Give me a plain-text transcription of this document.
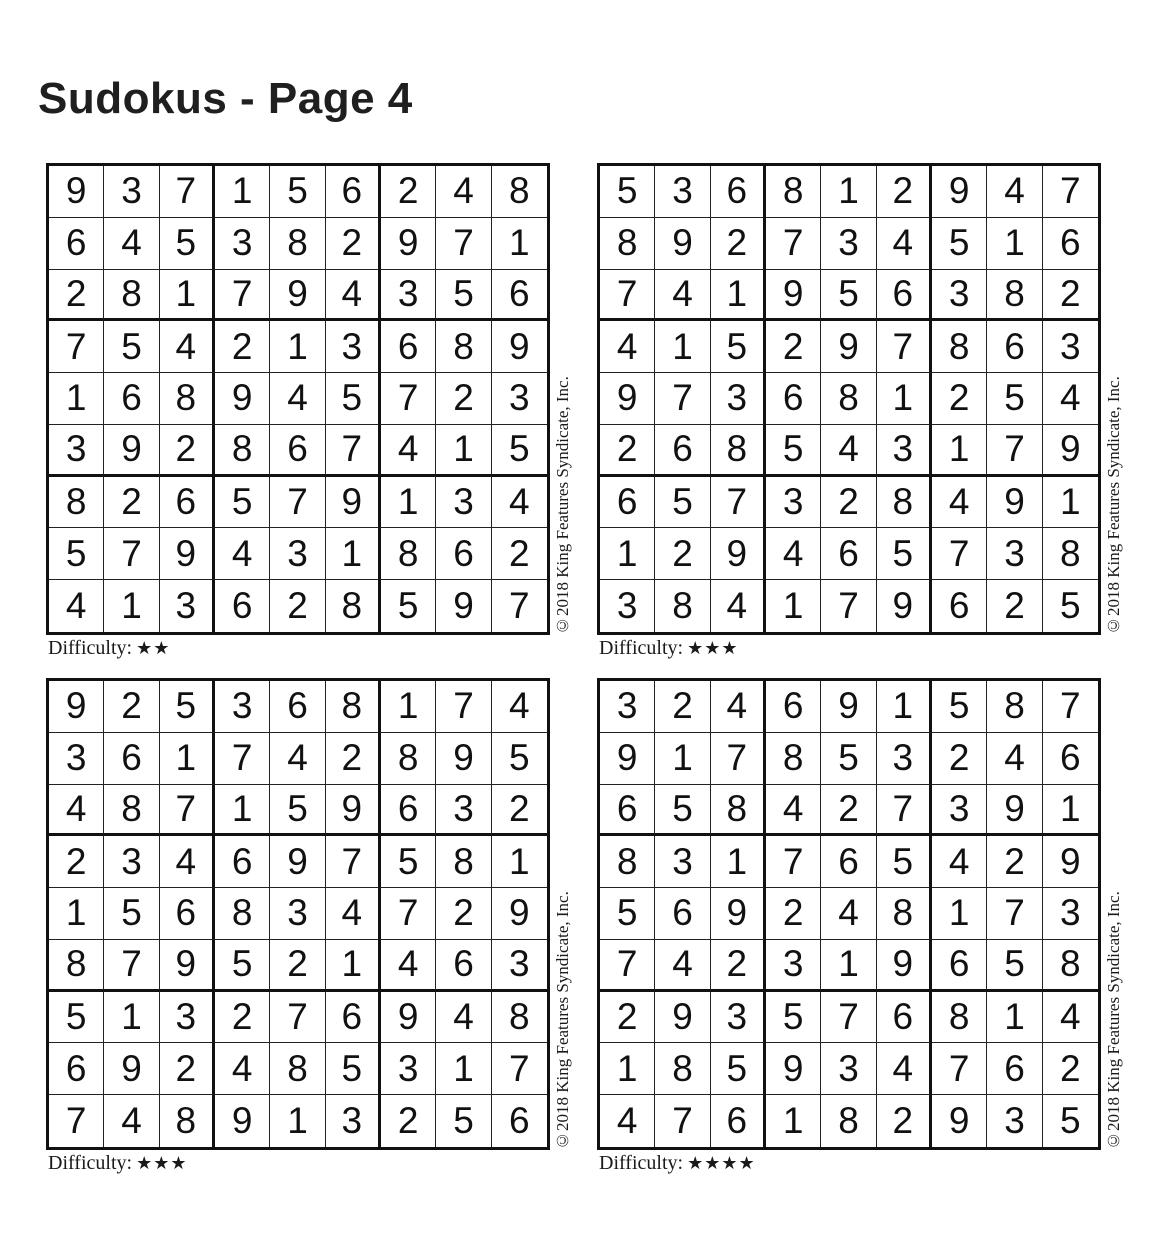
Sudokus - Page 4
9 3 7 1 5 6 2 4 8
6 4 5 3 8 2 9 7 1
2 8 1 7 9 4 3 5 6
7 5 4 2 1 3 6 8 9
1 6 8 9 4 5 7 2 3
3 9 2 8 6 7 4 1 5
8 2 6 5 7 9 1 3 4
5 7 9 4 3 1 8 6 2
4 1 3 6 2 8 5 9 7	©2018 King Features Syndicate, Inc.
Difficulty: ★★
5 3 6 8 1 2 9 4 7
8 9 2 7 3 4 5 1 6
7 4 1 9 5 6 3 8 2
4 1 5 2 9 7 8 6 3
9 7 3 6 8 1 2 5 4
2 6 8 5 4 3 1 7 9
6 5 7 3 2 8 4 9 1
1 2 9 4 6 5 7 3 8
3 8 4 1 7 9 6 2 5	©2018 King Features Syndicate, Inc.
Difficulty: ★★★
9 2 5 3 6 8 1 7 4
3 6 1 7 4 2 8 9 5
4 8 7 1 5 9 6 3 2
2 3 4 6 9 7 5 8 1
1 5 6 8 3 4 7 2 9
8 7 9 5 2 1 4 6 3
5 1 3 2 7 6 9 4 8
6 9 2 4 8 5 3 1 7
7 4 8 9 1 3 2 5 6	©2018 King Features Syndicate, Inc.
Difficulty: ★★★
3 2 4 6 9 1 5 8 7
9 1 7 8 5 3 2 4 6
6 5 8 4 2 7 3 9 1
8 3 1 7 6 5 4 2 9
5 6 9 2 4 8 1 7 3
7 4 2 3 1 9 6 5 8
2 9 3 5 7 6 8 1 4
1 8 5 9 3 4 7 6 2
4 7 6 1 8 2 9 3 5	©2018 King Features Syndicate, Inc.
Difficulty: ★★★★
